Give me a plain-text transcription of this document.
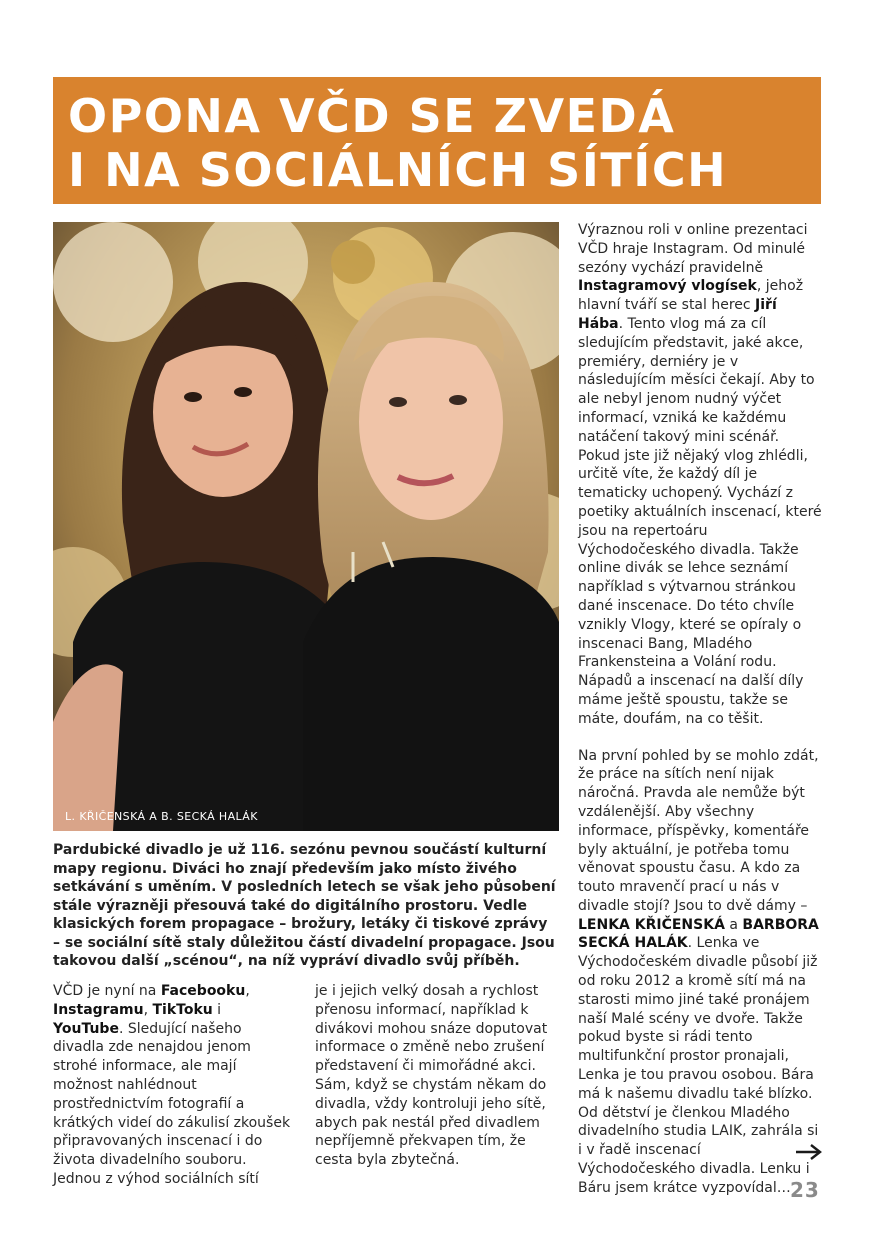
OPONA VČD SE ZVEDÁ
I NA SOCIÁLNÍCH SÍTÍCH
L. KŘIČENSKÁ A B. SECKÁ HALÁK
Pardubické divadlo je už 116. sezónu pevnou součástí kulturní mapy regionu. Diváci ho znají především jako místo živého setkávání s uměním. V posledních letech se však jeho působení stále výrazněji přesouvá také do digitálního prostoru. Vedle klasických forem propagace – brožury, letáky či tiskové zprávy – se sociální sítě staly důležitou částí divadelní propagace. Jsou takovou další „scénou“, na níž vypráví divadlo svůj příběh.

VČD je nyní na Facebooku, Instagramu, TikToku i YouTube. Sledující našeho divadla zde nenajdou jenom strohé informace, ale mají možnost nahlédnout prostřednictvím fotografií a krátkých videí do zákulisí zkoušek připravovaných inscenací i do života divadelního souboru. Jednou z výhod sociálních sítí

je i jejich velký dosah a rychlost přenosu informací, například k divákovi mohou snáze doputovat informace o změně nebo zrušení představení či mimořádné akci. Sám, když se chystám někam do divadla, vždy kontroluji jeho sítě, abych pak nestál před divadlem nepříjemně překvapen tím, že cesta byla zbytečná.

Výraznou roli v online prezentaci VČD hraje Instagram. Od minulé sezóny vychází pravidelně Instagramový vlogísek, jehož hlavní tváří se stal herec Jiří Hába. Tento vlog má za cíl sledujícím představit, jaké akce, premiéry, derniéry je v následujícím měsíci čekají. Aby to ale nebyl jenom nudný výčet informací, vzniká ke každému natáčení takový mini scénář. Pokud jste již nějaký vlog zhlédli, určitě víte, že každý díl je tematicky uchopený. Vychází z poetiky aktuálních inscenací, které jsou na repertoáru Východočeského divadla. Takže online divák se lehce seznámí například s výtvarnou stránkou dané inscenace. Do této chvíle vznikly Vlogy, které se opíraly o inscenaci Bang, Mladého Frankensteina a Volání rodu. Nápadů a inscenací na další díly máme ještě spoustu, takže se máte, doufám, na co těšit.

Na první pohled by se mohlo zdát, že práce na sítích není nijak náročná. Pravda ale nemůže být vzdálenější. Aby všechny informace, příspěvky, komentáře byly aktuální, je potřeba tomu věnovat spoustu času. A kdo za touto mravenčí prací u nás v divadle stojí? Jsou to dvě dámy – LENKA KŘIČENSKÁ a BARBORA SECKÁ HALÁK. Lenka ve Východočeském divadle působí již od roku 2012 a kromě sítí má na starosti mimo jiné také pronájem naší Malé scény ve dvoře. Takže pokud byste si rádi tento multifunkční prostor pronajali, Lenka je tou pravou osobou. Bára má k našemu divadlu také blízko. Od dětství je členkou Mladého divadelního studia LAIK, zahrála si i v řadě inscenací Východočeského divadla. Lenku i Báru jsem krátce vyzpovídal… 23
